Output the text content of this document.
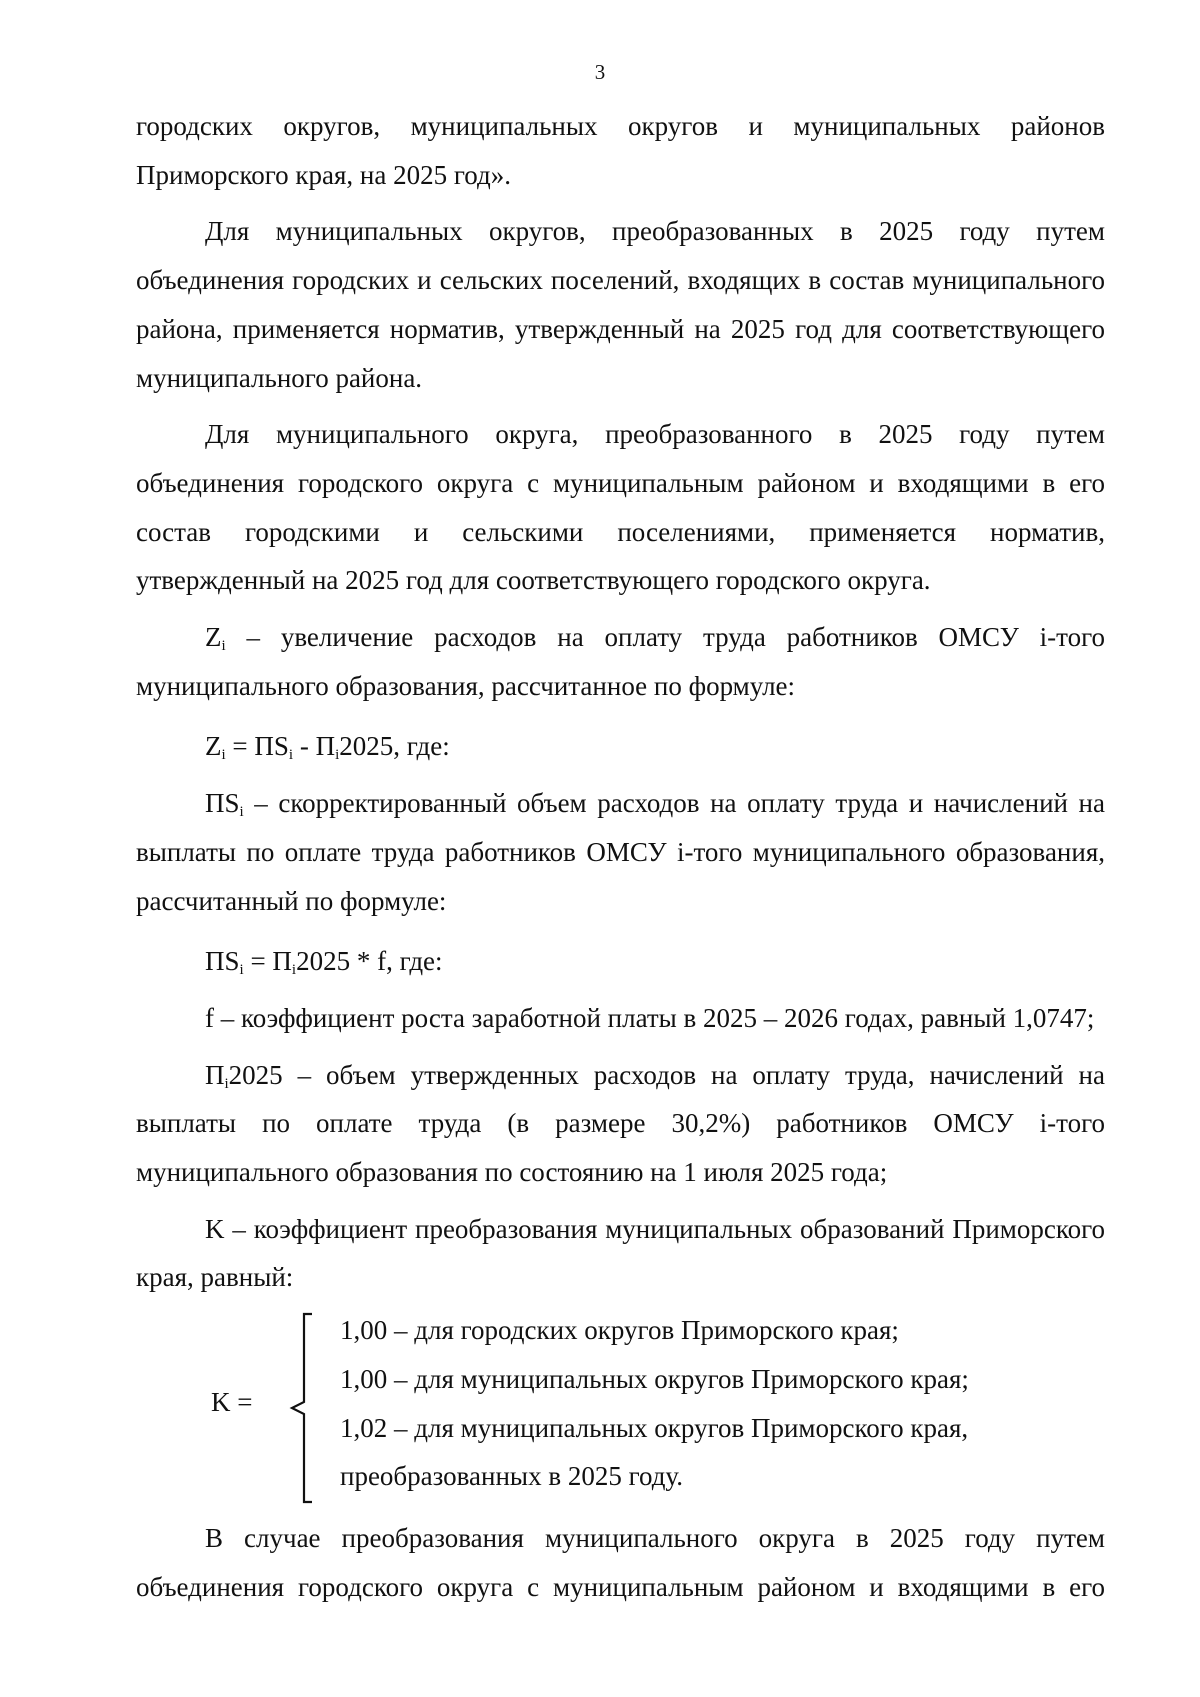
3

городских округов, муниципальных округов и муниципальных районов

Приморского края, на 2025 год».

Для муниципальных округов, преобразованных в 2025 году путем объединения городских и сельских поселений, входящих в состав муниципального района, применяется норматив, утвержденный на 2025 год для соответствующего муниципального района.

Для муниципального округа, преобразованного в 2025 году путем объединения городского округа с муниципальным районом и входящими в его состав городскими и сельскими поселениями, применяется норматив, утвержденный на 2025 год для соответствующего городского округа.

$Z_i$ – увеличение расходов на оплату труда работников ОМСУ i-того муниципального образования, рассчитанное по формуле:

$Z_i = ПS_i - П_i2025$, где:

$ПS_i$ – скорректированный объем расходов на оплату труда и начислений на выплаты по оплате труда работников ОМСУ i-того муниципального образования, рассчитанный по формуле:

$ПS_i = П_i2025 * f$, где:

f – коэффициент роста заработной платы в 2025 – 2026 годах, равный 1,0747;

$П_i2025$ – объем утвержденных расходов на оплату труда, начислений на выплаты по оплате труда (в размере 30,2%) работников ОМСУ i-того муниципального образования по состоянию на 1 июля 2025 года;

K – коэффициент преобразования муниципальных образований Приморского края, равный:

K =
1,00 – для городских округов Приморского края;
1,00 – для муниципальных округов Приморского края;
1,02 – для муниципальных округов Приморского края,
преобразованных в 2025 году.

В случае преобразования муниципального округа в 2025 году путем объединения городского округа с муниципальным районом и входящими в его
